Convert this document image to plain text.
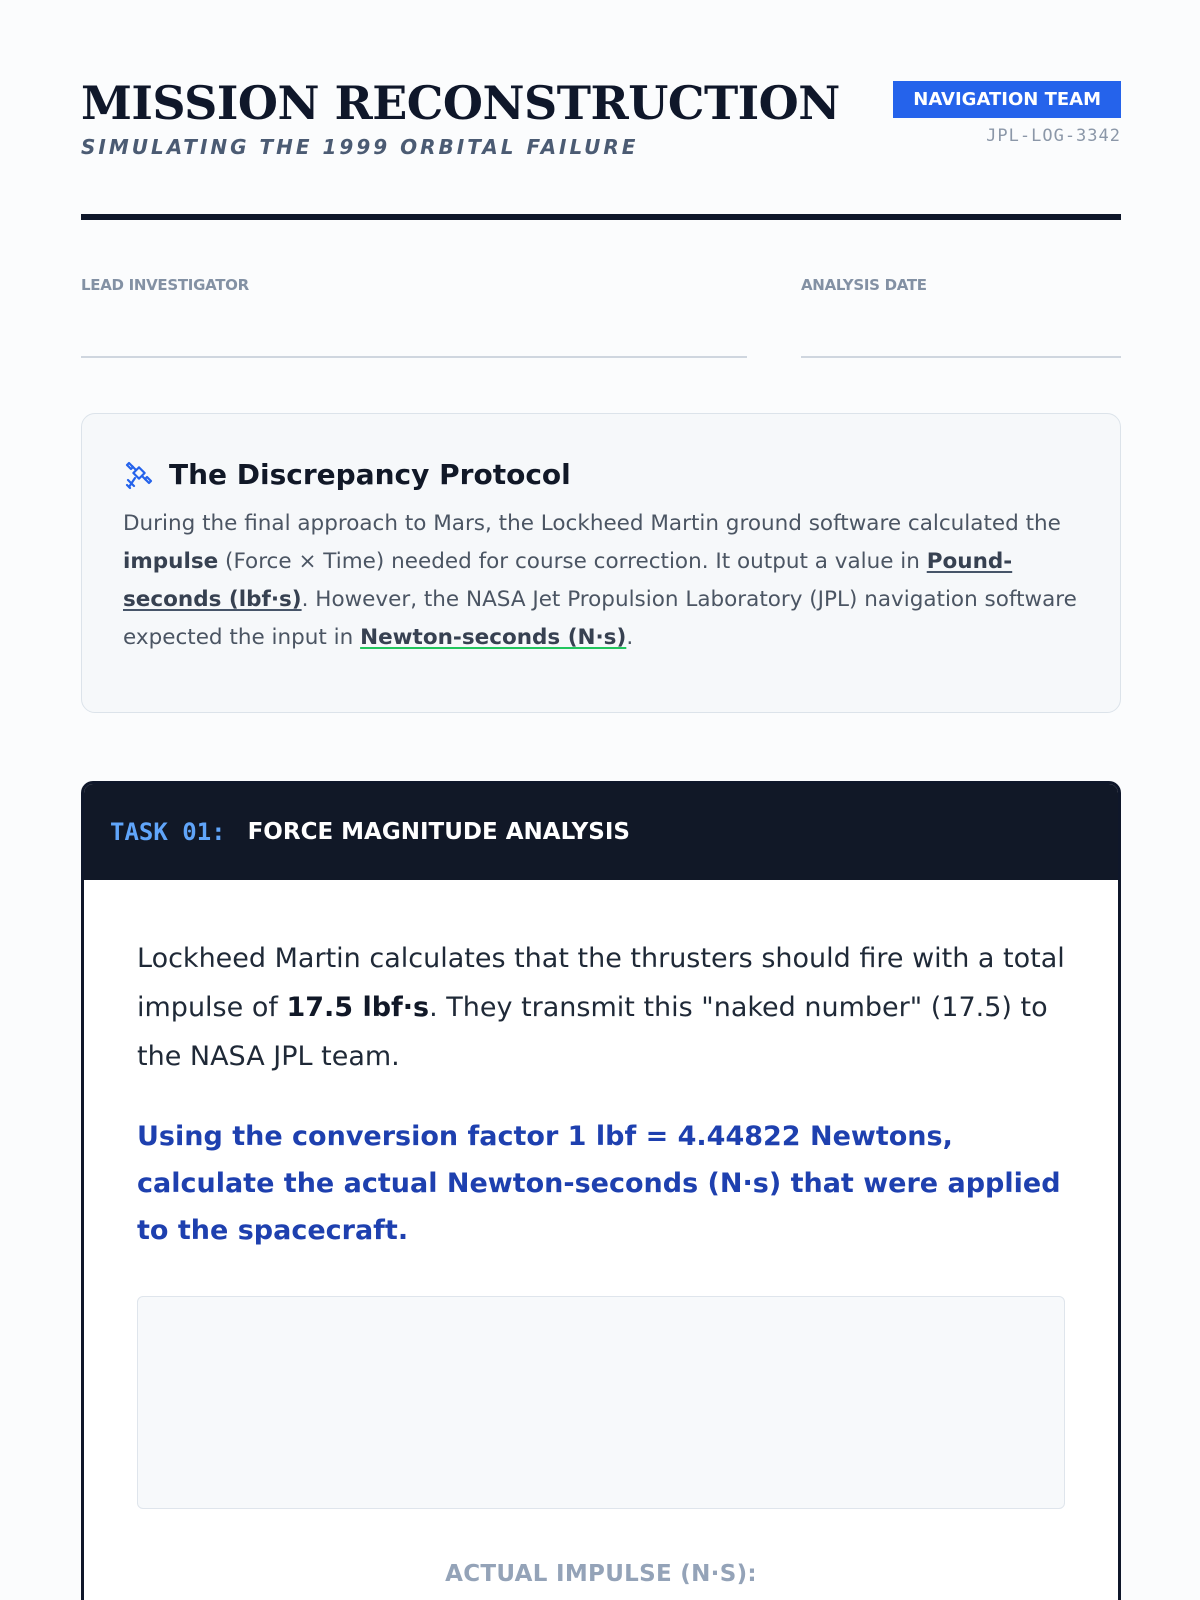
MISSION RECONSTRUCTION
SIMULATING THE 1999 ORBITAL FAILURE
NAVIGATION TEAM
JPL-LOG-3342
LEAD INVESTIGATOR	ANALYSIS DATE
The Discrepancy Protocol

During the final approach to Mars, the Lockheed Martin ground software calculated the impulse (Force × Time) needed for course correction. It output a value in Pound-seconds (lbf·s). However, the NASA Jet Propulsion Laboratory (JPL) navigation software expected the input in Newton-seconds (N·s).

TASK 01: FORCE MAGNITUDE ANALYSIS

Lockheed Martin calculates that the thrusters should fire with a total impulse of 17.5 lbf·s. They transmit this "naked number" (17.5) to the NASA JPL team.

Using the conversion factor 1 lbf = 4.44822 Newtons, calculate the actual Newton-seconds (N·s) that were applied to the spacecraft.

ACTUAL IMPULSE (N·S):
